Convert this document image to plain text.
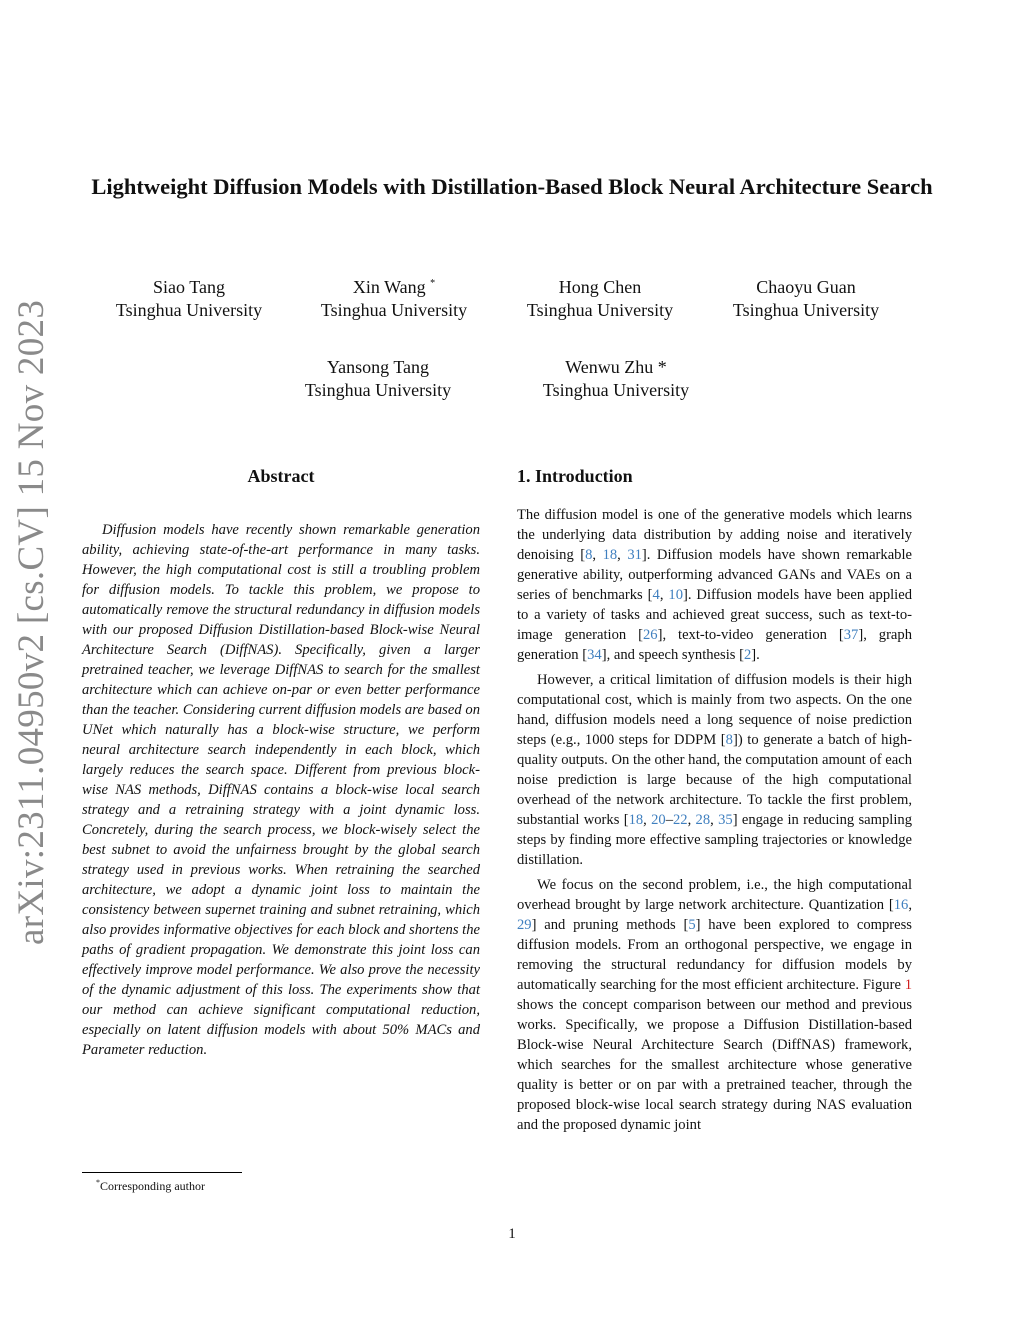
arXiv:2311.04950v2 [cs.CV] 15 Nov 2023
Lightweight Diffusion Models with Distillation-Based Block Neural Architecture Search
Siao Tang
Tsinghua University
Xin Wang *
Tsinghua University
Hong Chen
Tsinghua University
Chaoyu Guan
Tsinghua University
Yansong Tang
Tsinghua University
Wenwu Zhu *
Tsinghua University
Abstract
Diffusion models have recently shown remarkable generation ability, achieving state-of-the-art performance in many tasks. However, the high computational cost is still a troubling problem for diffusion models. To tackle this problem, we propose to automatically remove the structural redundancy in diffusion models with our proposed Diffusion Distillation-based Block-wise Neural Architecture Search (DiffNAS). Specifically, given a larger pretrained teacher, we leverage DiffNAS to search for the smallest architecture which can achieve on-par or even better performance than the teacher. Considering current diffusion models are based on UNet which naturally has a block-wise structure, we perform neural architecture search independently in each block, which largely reduces the search space. Different from previous block-wise NAS methods, DiffNAS contains a block-wise local search strategy and a retraining strategy with a joint dynamic loss. Concretely, during the search process, we block-wisely select the best subnet to avoid the unfairness brought by the global search strategy used in previous works. When retraining the searched architecture, we adopt a dynamic joint loss to maintain the consistency between supernet training and subnet retraining, which also provides informative objectives for each block and shortens the paths of gradient propagation. We demonstrate this joint loss can effectively improve model performance. We also prove the necessity of the dynamic adjustment of this loss. The experiments show that our method can achieve significant computational reduction, especially on latent diffusion models with about 50% MACs and Parameter reduction.
1. Introduction

The diffusion model is one of the generative models which learns the underlying data distribution by adding noise and iteratively denoising [8, 18, 31]. Diffusion models have shown remarkable generative ability, outperforming advanced GANs and VAEs on a series of benchmarks [4, 10]. Diffusion models have been applied to a variety of tasks and achieved great success, such as text-to-image generation [26], text-to-video generation [37], graph generation [34], and speech synthesis [2].

However, a critical limitation of diffusion models is their high computational cost, which is mainly from two aspects. On the one hand, diffusion models need a long sequence of noise prediction steps (e.g., 1000 steps for DDPM [8]) to generate a batch of high-quality outputs. On the other hand, the computation amount of each noise prediction is large because of the high computational overhead of the network architecture. To tackle the first problem, substantial works [18, 20–22, 28, 35] engage in reducing sampling steps by finding more effective sampling trajectories or knowledge distillation.

We focus on the second problem, i.e., the high computational overhead brought by large network architecture. Quantization [16, 29] and pruning methods [5] have been explored to compress diffusion models. From an orthogonal perspective, we engage in removing the structural redundancy for diffusion models by automatically searching for the most efficient architecture. Figure 1 shows the concept comparison between our method and previous works. Specifically, we propose a Diffusion Distillation-based Block-wise Neural Architecture Search (DiffNAS) framework, which searches for the smallest architecture whose generative quality is better or on par with a pretrained teacher, through the proposed block-wise local search strategy during NAS evaluation and the proposed dynamic joint

*Corresponding author
1
